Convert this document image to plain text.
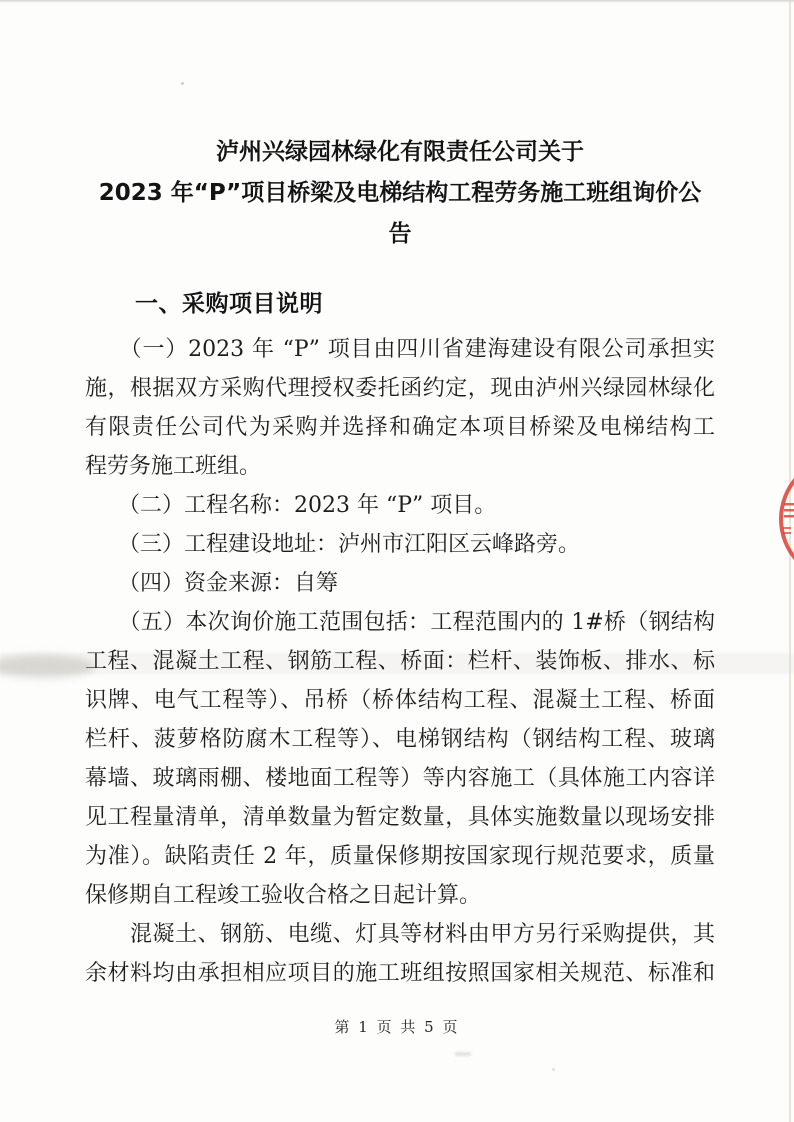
泸州兴绿园林绿化有限责任公司关于
2023 年“P”项目桥梁及电梯结构工程劳务施工班组询价公
告
一、采购项目说明
　　（一）2023 年 “P” 项目由四川省建海建设有限公司承担实
施，根据双方采购代理授权委托函约定，现由泸州兴绿园林绿化
有限责任公司代为采购并选择和确定本项目桥梁及电梯结构工
程劳务施工班组。
　　（二）工程名称：2023 年 “P” 项目。
　　（三）工程建设地址：泸州市江阳区云峰路旁。
　　（四）资金来源：自筹
　　（五）本次询价施工范围包括：工程范围内的 1#桥（钢结构
工程、混凝土工程、钢筋工程、桥面：栏杆、装饰板、排水、标
识牌、电气工程等）、吊桥（桥体结构工程、混凝土工程、桥面
栏杆、菠萝格防腐木工程等）、电梯钢结构（钢结构工程、玻璃
幕墙、玻璃雨棚、楼地面工程等）等内容施工（具体施工内容详
见工程量清单，清单数量为暂定数量，具体实施数量以现场安排
为准）。缺陷责任 2 年，质量保修期按国家现行规范要求，质量
保修期自工程竣工验收合格之日起计算。
　　混凝土、钢筋、电缆、灯具等材料由甲方另行采购提供，其
余材料均由承担相应项目的施工班组按照国家相关规范、标准和
第 1 页 共 5 页
